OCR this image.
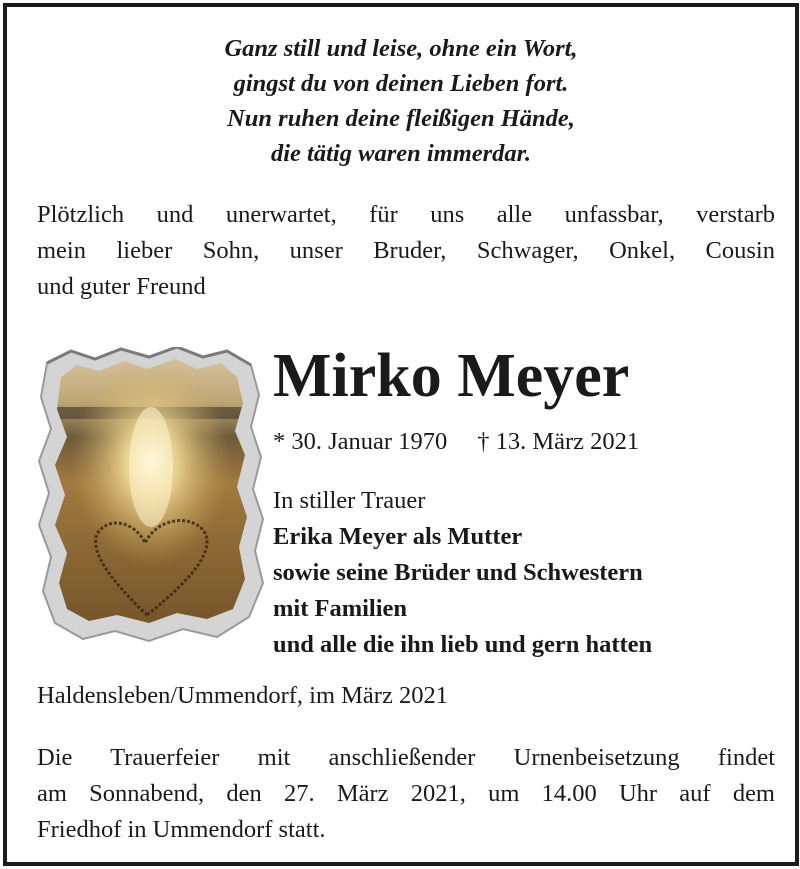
Ganz still und leise, ohne ein Wort,
gingst du von deinen Lieben fort.
Nun ruhen deine fleißigen Hände,
die tätig waren immerdar.
Plötzlich und unerwartet, für uns alle unfassbar, verstarb
mein lieber Sohn, unser Bruder, Schwager, Onkel, Cousin
und guter Freund
Mirko Meyer
* 30. Januar 1970 † 13. März 2021
In stiller Trauer
Erika Meyer als Mutter
sowie seine Brüder und Schwestern
mit Familien
und alle die ihn lieb und gern hatten
Haldensleben/Ummendorf, im März 2021
Die Trauerfeier mit anschließender Urnenbeisetzung findet
am Sonnabend, den 27. März 2021, um 14.00 Uhr auf dem
Friedhof in Ummendorf statt.
